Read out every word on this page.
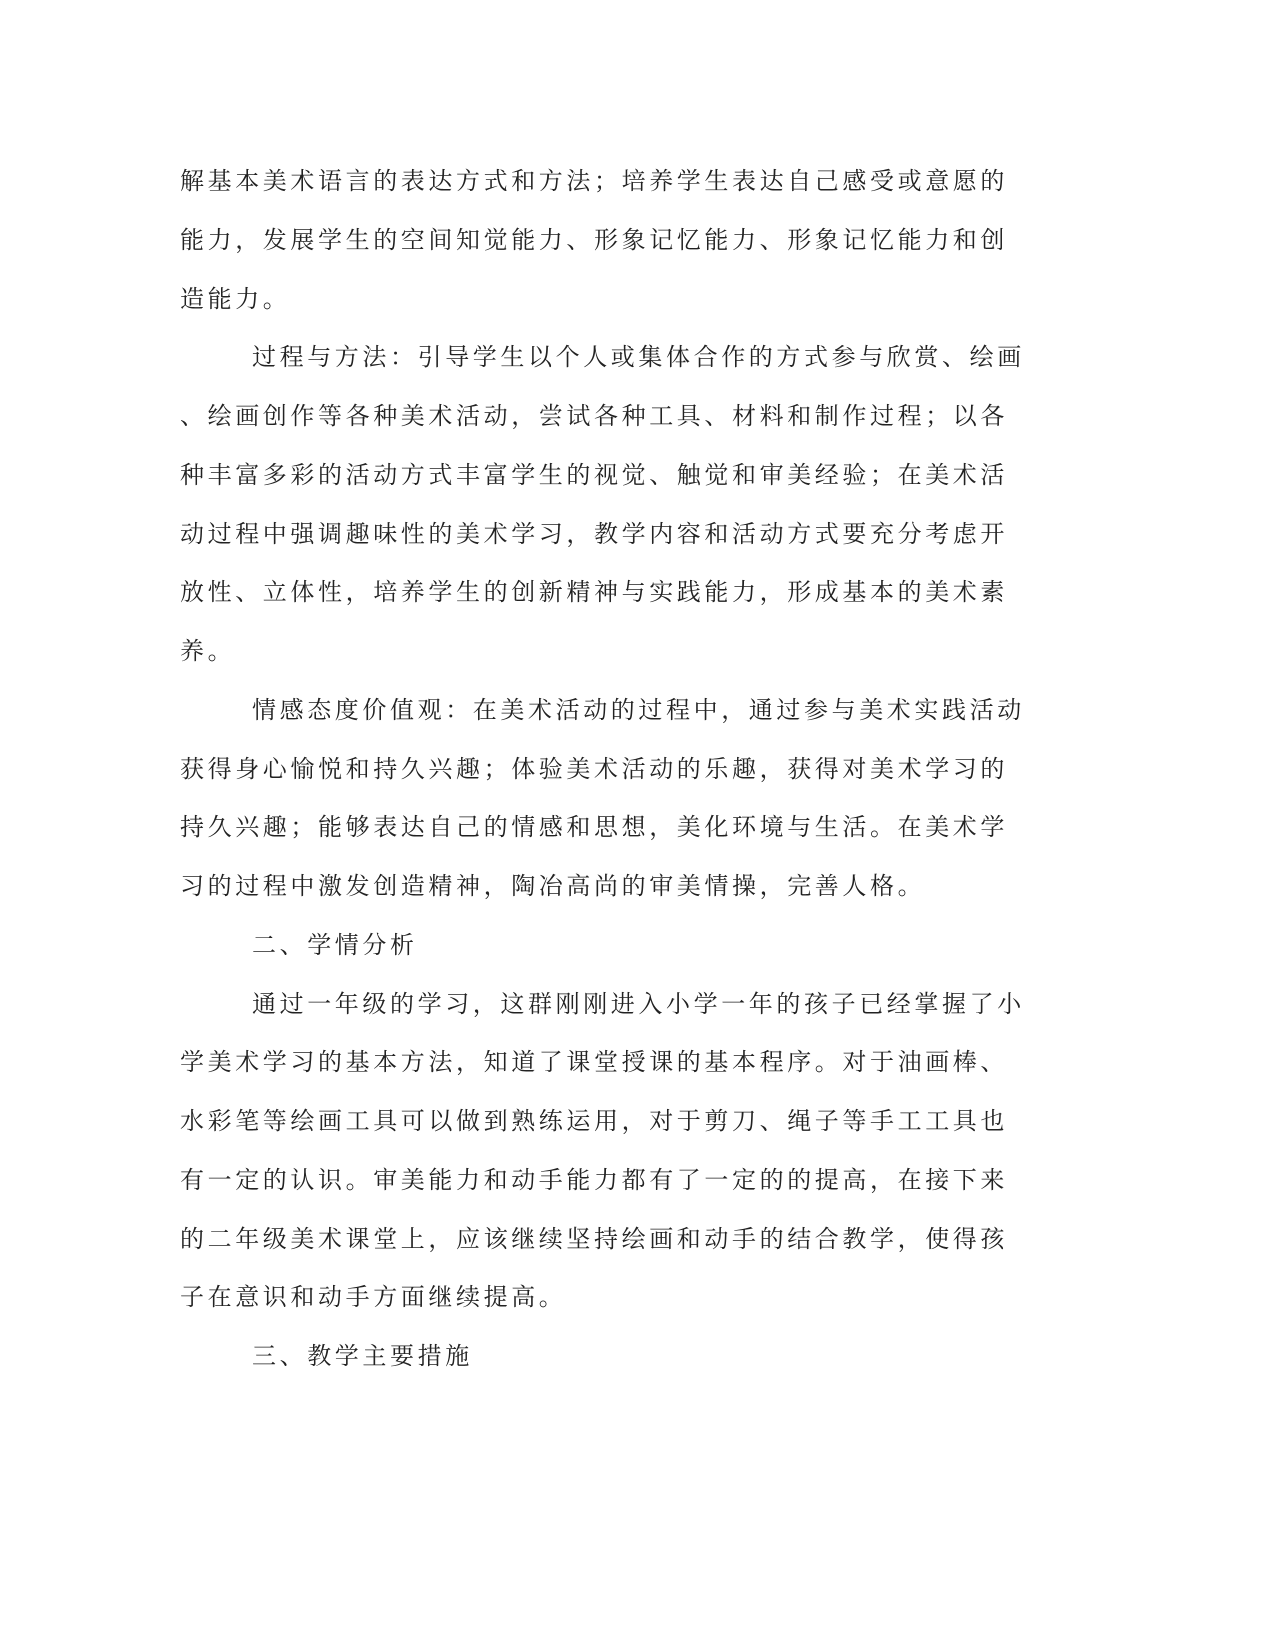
解基本美术语言的表达方式和方法；培养学生表达自己感受或意愿的
能力，发展学生的空间知觉能力、形象记忆能力、形象记忆能力和创
造能力。
过程与方法：引导学生以个人或集体合作的方式参与欣赏、绘画
、绘画创作等各种美术活动，尝试各种工具、材料和制作过程；以各
种丰富多彩的活动方式丰富学生的视觉、触觉和审美经验；在美术活
动过程中强调趣味性的美术学习，教学内容和活动方式要充分考虑开
放性、立体性，培养学生的创新精神与实践能力，形成基本的美术素
养。
情感态度价值观：在美术活动的过程中，通过参与美术实践活动
获得身心愉悦和持久兴趣；体验美术活动的乐趣，获得对美术学习的
持久兴趣；能够表达自己的情感和思想，美化环境与生活。在美术学
习的过程中激发创造精神，陶冶高尚的审美情操，完善人格。
二、学情分析
通过一年级的学习，这群刚刚进入小学一年的孩子已经掌握了小
学美术学习的基本方法，知道了课堂授课的基本程序。对于油画棒、
水彩笔等绘画工具可以做到熟练运用，对于剪刀、绳子等手工工具也
有一定的认识。审美能力和动手能力都有了一定的的提高，在接下来
的二年级美术课堂上，应该继续坚持绘画和动手的结合教学，使得孩
子在意识和动手方面继续提高。
三、教学主要措施
